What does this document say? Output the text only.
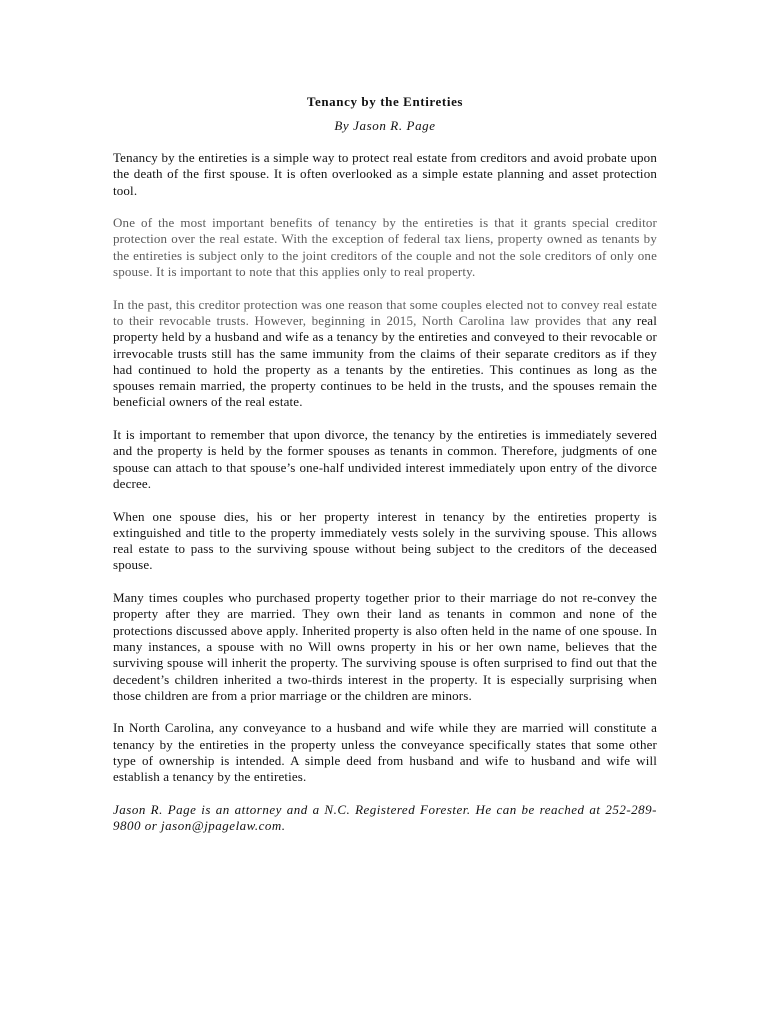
Tenancy by the Entireties
By Jason R. Page

Tenancy by the entireties is a simple way to protect real estate from creditors and avoid probate upon the death of the first spouse. It is often overlooked as a simple estate planning and asset protection tool.

One of the most important benefits of tenancy by the entireties is that it grants special creditor protection over the real estate. With the exception of federal tax liens, property owned as tenants by the entireties is subject only to the joint creditors of the couple and not the sole creditors of only one spouse. It is important to note that this applies only to real property.

In the past, this creditor protection was one reason that some couples elected not to convey real estate to their revocable trusts. However, beginning in 2015, North Carolina law provides that any real property held by a husband and wife as a tenancy by the entireties and conveyed to their revocable or irrevocable trusts still has the same immunity from the claims of their separate creditors as if they had continued to hold the property as a tenants by the entireties. This continues as long as the spouses remain married, the property continues to be held in the trusts, and the spouses remain the beneficial owners of the real estate.

It is important to remember that upon divorce, the tenancy by the entireties is immediately severed and the property is held by the former spouses as tenants in common. Therefore, judgments of one spouse can attach to that spouse’s one-half undivided interest immediately upon entry of the divorce decree.

When one spouse dies, his or her property interest in tenancy by the entireties property is extinguished and title to the property immediately vests solely in the surviving spouse. This allows real estate to pass to the surviving spouse without being subject to the creditors of the deceased spouse.

Many times couples who purchased property together prior to their marriage do not re-convey the property after they are married. They own their land as tenants in common and none of the protections discussed above apply. Inherited property is also often held in the name of one spouse. In many instances, a spouse with no Will owns property in his or her own name, believes that the surviving spouse will inherit the property. The surviving spouse is often surprised to find out that the decedent’s children inherited a two-thirds interest in the property. It is especially surprising when those children are from a prior marriage or the children are minors.

In North Carolina, any conveyance to a husband and wife while they are married will constitute a tenancy by the entireties in the property unless the conveyance specifically states that some other type of ownership is intended. A simple deed from husband and wife to husband and wife will establish a tenancy by the entireties.

Jason R. Page is an attorney and a N.C. Registered Forester. He can be reached at 252-289-9800 or jason@jpagelaw.com.
